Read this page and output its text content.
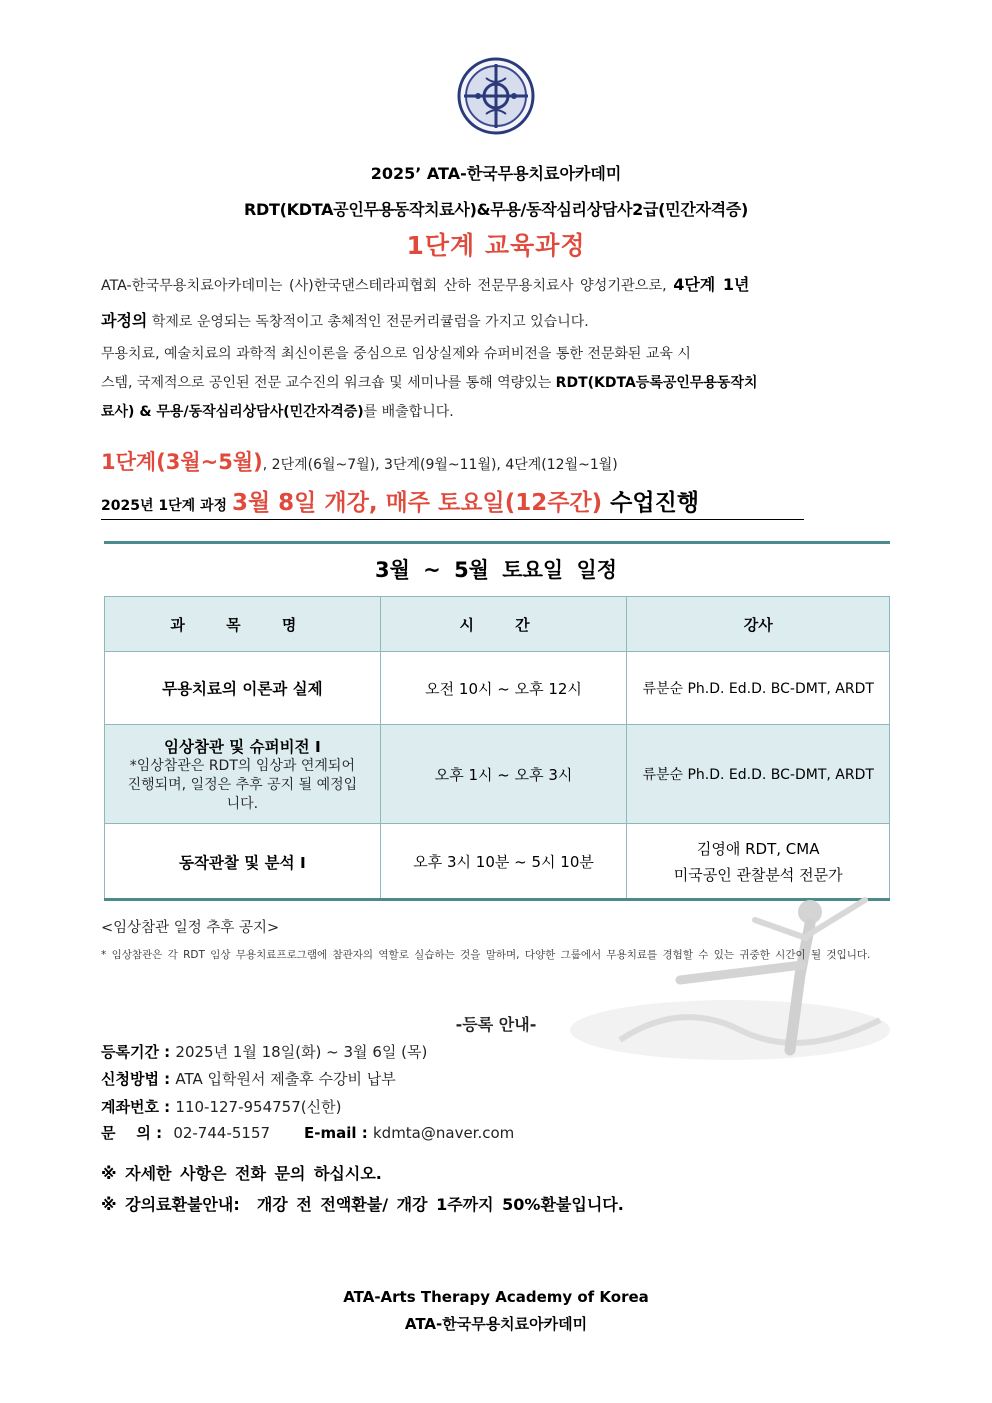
2025’ ATA-한국무용치료아카데미
RDT(KDTA공인무용동작치료사)&무용/동작심리상담사2급(민간자격증)
1단계 교육과정
ATA-한국무용치료아카데미는 (사)한국댄스테라피협회 산하 전문무용치료사 양성기관으로, 4단계 1년
과정의 학제로 운영되는 독창적이고 총체적인 전문커리큘럼을 가지고 있습니다.
무용치료, 예술치료의 과학적 최신이론을 중심으로 임상실제와 슈퍼비전을 통한 전문화된 교육 시
스템, 국제적으로 공인된 전문 교수진의 워크숍 및 세미나를 통해 역량있는 RDT(KDTA등록공인무용동작치
료사) & 무용/동작심리상담사(민간자격증)를 배출합니다.
1단계(3월~5월), 2단계(6월~7월), 3단계(9월~11월), 4단계(12월~1월)
2025년 1단계 과정 3월 8일 개강, 매주 토요일(12주간) 수업진행
3월 ~ 5월 토요일 일정
과 목 명	시 간	강사
무용치료의 이론과 실제	오전 10시 ~ 오후 12시	류분순 Ph.D. Ed.D. BC-DMT, ARDT

임상참관 및 슈퍼비전 I
*임상참관은 RDT의 임상과 연계되어 진행되며, 일정은 추후 공지 될 예정입니다.	오후 1시 ~ 오후 3시	류분순 Ph.D. Ed.D. BC-DMT, ARDT
동작관찰 및 분석 I	오후 3시 10분 ~ 5시 10분	김영애 RDT, CMA
미국공인 관찰분석 전문가
<임상참관 일정 추후 공지>
* 임상참관은 각 RDT 임상 무용치료프로그램에 참관자의 역할로 실습하는 것을 말하며, 다양한 그룹에서 무용치료를 경험할 수 있는 귀중한 시간이 될 것입니다.
-등록 안내-
등록기간 : 2025년 1월 18일(화) ~ 3월 6일 (목)
신청방법 : ATA 입학원서 제출후 수강비 납부
계좌번호 : 110-127-954757(신한)
문    의 : 02-744-5157 E-mail : kdmta@naver.com
※ 자세한 사항은 전화 문의 하십시오.
※ 강의료환불안내:  개강 전 전액환불/ 개강 1주까지 50%환불입니다.
ATA-Arts Therapy Academy of Korea
ATA-한국무용치료아카데미
